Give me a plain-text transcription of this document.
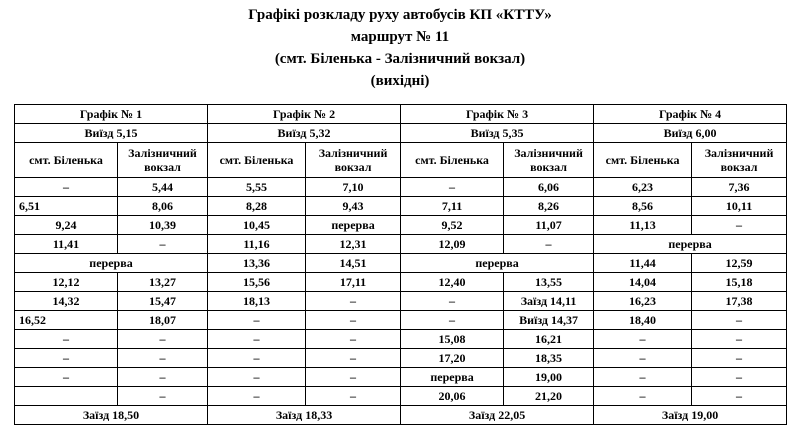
Графікі розкладу руху автобусів КП «КТТУ»
маршрут № 11
(смт. Біленька - Залізничний вокзал)
(вихідні)
Графік № 1		Графік № 2		Графік № 3		Графік № 4	
Виїзд 5,15		Виїзд 5,32		Виїзд 5,35		Виїзд 6,00	
смт. Біленька	Залізничний вокзал	смт. Біленька	Залізничний вокзал	смт. Біленька	Залізничний вокзал	смт. Біленька	Залізничний вокзал
–	5,44	5,55	7,10	–	6,06	6,23	7,36
6,51	8,06	8,28	9,43	7,11	8,26	8,56	10,11
9,24	10,39	10,45	перерва	9,52	11,07	11,13	–
11,41	–	11,16	12,31	12,09	–	перерва	
перерва		13,36	14,51	перерва		11,44	12,59
12,12	13,27	15,56	17,11	12,40	13,55	14,04	15,18
14,32	15,47	18,13	–	–	Заїзд 14,11	16,23	17,38
16,52	18,07	–	–	–	Виїзд 14,37	18,40	–
–	–	–	–	15,08	16,21	–	–
–	–	–	–	17,20	18,35	–	–
–	–	–	–	перерва	19,00	–	–
	–	–	–	20,06	21,20	–	–
Заїзд 18,50		Заїзд 18,33		Заїзд 22,05		Заїзд 19,00	
